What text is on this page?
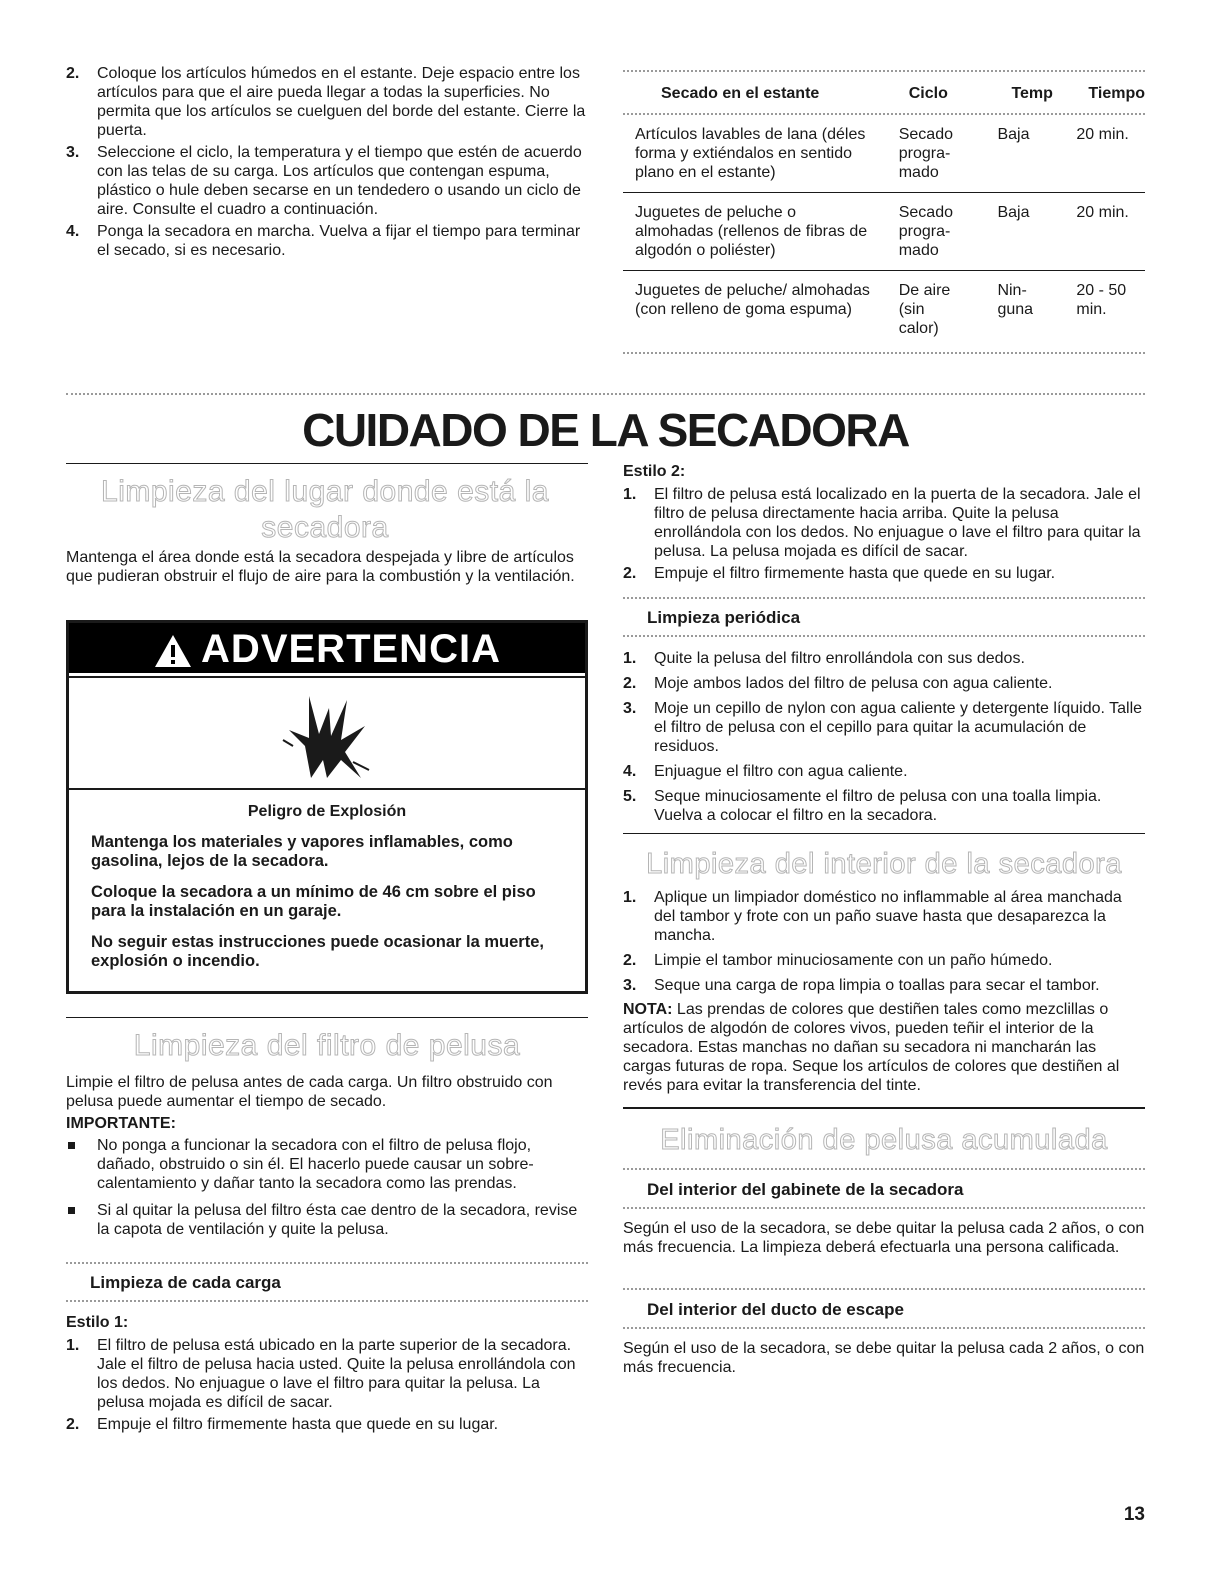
2. Coloque los artículos húmedos en el estante. Deje espacio entre los artículos para que el aire pueda llegar a todas la superficies. No permita que los artículos se cuelguen del borde del estante. Cierre la puerta.
3. Seleccione el ciclo, la temperatura y el tiempo que estén de acuerdo con las telas de su carga. Los artículos que contengan espuma, plástico o hule deben secarse en un tendedero o usando un ciclo de aire. Consulte el cuadro a continuación.
4. Ponga la secadora en marcha. Vuelva a fijar el tiempo para terminar el secado, si es necesario.
Secado en el estante	Ciclo	Temp	Tiempo

Artículos lavables de lana (déles forma y extiéndalos en sentido plano en el estante)	Secado progra- mado	Baja	20 min.
Juguetes de peluche o almohadas (rellenos de fibras de algodón o poliéster)	Secado progra- mado	Baja	20 min.
Juguetes de peluche/ almohadas (con relleno de goma espuma)	De aire (sin calor)	Nin- guna	20 - 50 min.
CUIDADO DE LA SECADORA
Limpieza del lugar donde está la secadora
Mantenga el área donde está la secadora despejada y libre de artículos que pudieran obstruir el flujo de aire para la combustión y la ventilación.
ADVERTENCIA
Peligro de Explosión
Mantenga los materiales y vapores inflamables, como gasolina, lejos de la secadora.
Coloque la secadora a un mínimo de 46 cm sobre el piso para la instalación en un garaje.
No seguir estas instrucciones puede ocasionar la muerte, explosión o incendio.
Limpieza del filtro de pelusa
Limpie el filtro de pelusa antes de cada carga. Un filtro obstruido con pelusa puede aumentar el tiempo de secado.
IMPORTANTE:
No ponga a funcionar la secadora con el filtro de pelusa flojo, dañado, obstruido o sin él. El hacerlo puede causar un sobre-calentamiento y dañar tanto la secadora como las prendas.
Si al quitar la pelusa del filtro ésta cae dentro de la secadora, revise la capota de ventilación y quite la pelusa.
Limpieza de cada carga
Estilo 1:
1. El filtro de pelusa está ubicado en la parte superior de la secadora. Jale el filtro de pelusa hacia usted. Quite la pelusa enrollándola con los dedos. No enjuague o lave el filtro para quitar la pelusa. La pelusa mojada es difícil de sacar.
2. Empuje el filtro firmemente hasta que quede en su lugar.
Estilo 2:
1. El filtro de pelusa está localizado en la puerta de la secadora. Jale el filtro de pelusa directamente hacia arriba. Quite la pelusa enrollándola con los dedos. No enjuague o lave el filtro para quitar la pelusa. La pelusa mojada es difícil de sacar.
2. Empuje el filtro firmemente hasta que quede en su lugar.
Limpieza periódica
1. Quite la pelusa del filtro enrollándola con sus dedos.
2. Moje ambos lados del filtro de pelusa con agua caliente.
3. Moje un cepillo de nylon con agua caliente y detergente líquido. Talle el filtro de pelusa con el cepillo para quitar la acumulación de residuos.
4. Enjuague el filtro con agua caliente.
5. Seque minuciosamente el filtro de pelusa con una toalla limpia. Vuelva a colocar el filtro en la secadora.
Limpieza del interior de la secadora
1. Aplique un limpiador doméstico no inflammable al área manchada del tambor y frote con un paño suave hasta que desaparezca la mancha.
2. Limpie el tambor minuciosamente con un paño húmedo.
3. Seque una carga de ropa limpia o toallas para secar el tambor.
NOTA: Las prendas de colores que destiñen tales como mezclillas o artículos de algodón de colores vivos, pueden teñir el interior de la secadora. Estas manchas no dañan su secadora ni mancharán las cargas futuras de ropa. Seque los artículos de colores que destiñen al revés para evitar la transferencia del tinte.
Eliminación de pelusa acumulada
Del interior del gabinete de la secadora
Según el uso de la secadora, se debe quitar la pelusa cada 2 años, o con más frecuencia. La limpieza deberá efectuarla una persona calificada.
Del interior del ducto de escape
Según el uso de la secadora, se debe quitar la pelusa cada 2 años, o con más frecuencia.
13
